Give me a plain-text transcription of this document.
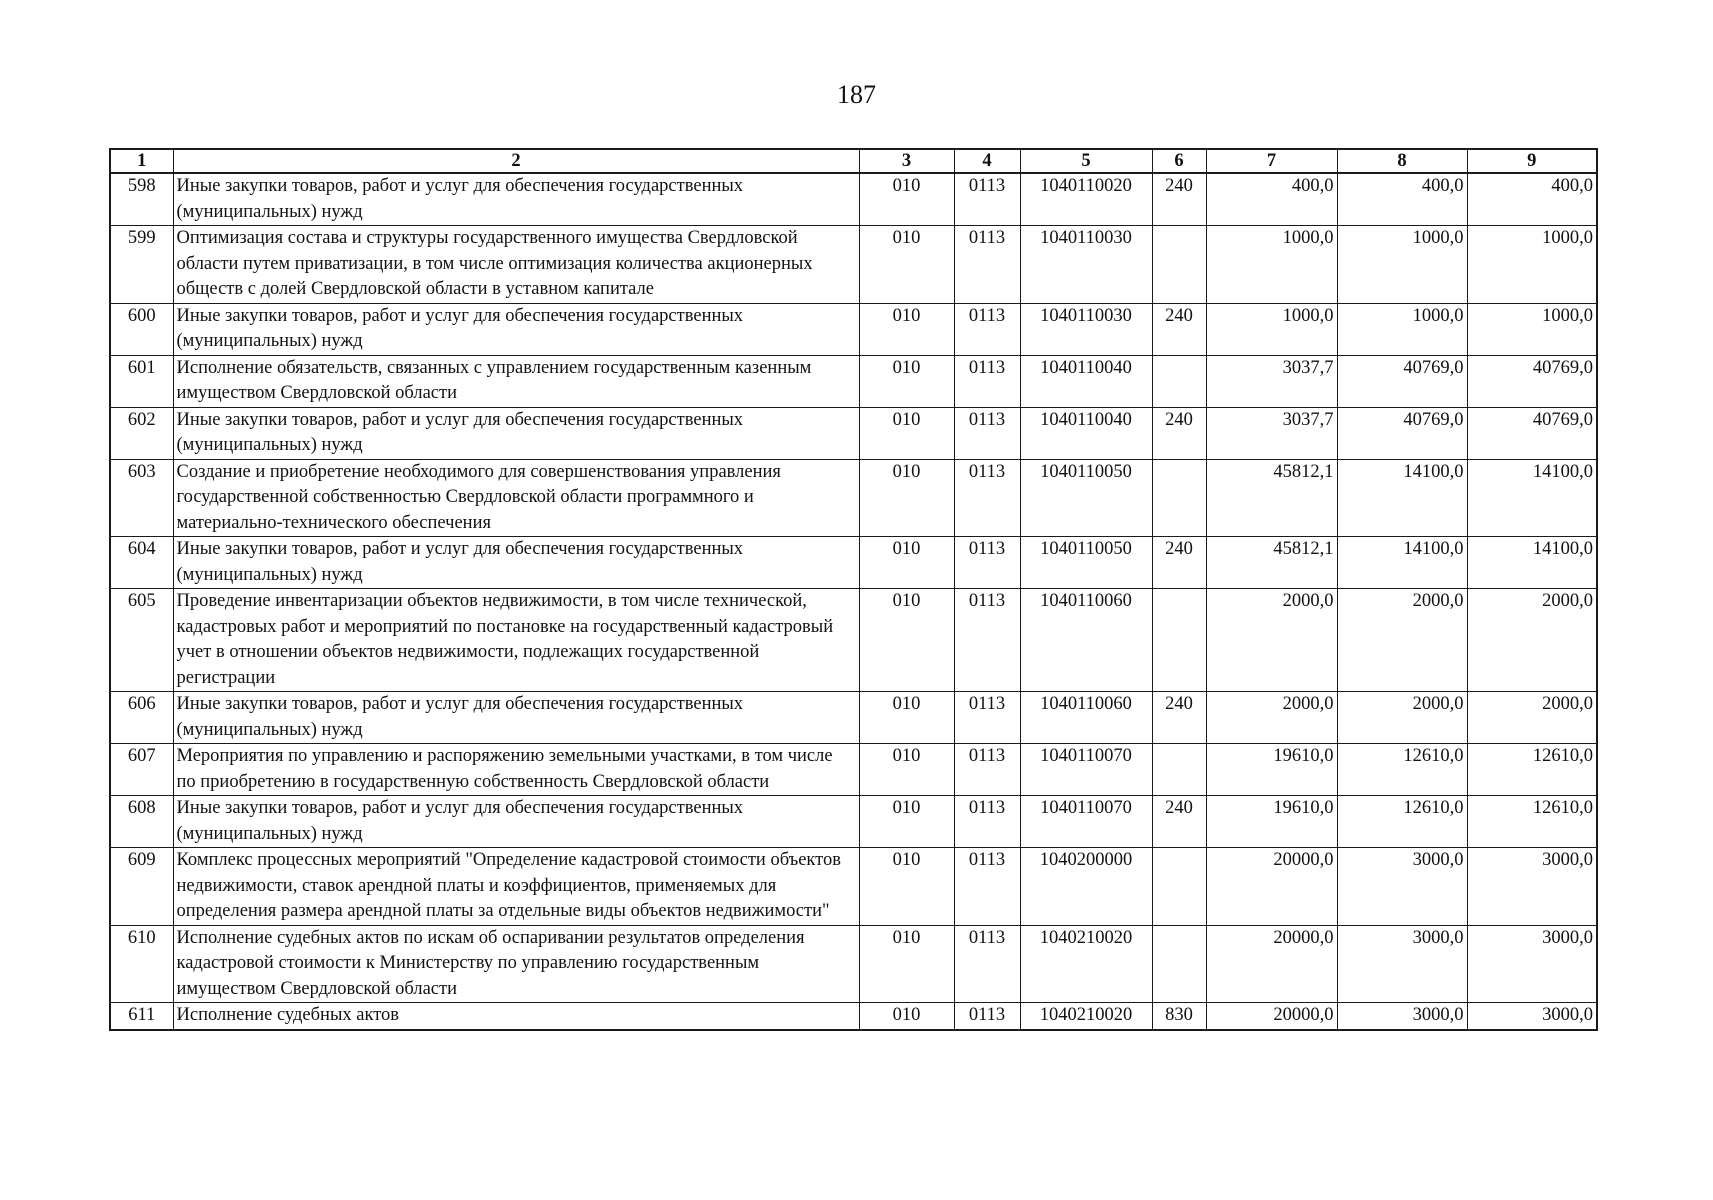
187
1	2	3	4	5	6	7	8	9
598	Иные закупки товаров, работ и услуг для обеспечения государственных (муниципальных) нужд	010	0113	1040110020	240	400,0	400,0	400,0
599	Оптимизация состава и структуры государственного имущества Свердловской области путем приватизации, в том числе оптимизация количества акционерных обществ с долей Свердловской области в уставном капитале	010	0113	1040110030		1000,0	1000,0	1000,0
600	Иные закупки товаров, работ и услуг для обеспечения государственных (муниципальных) нужд	010	0113	1040110030	240	1000,0	1000,0	1000,0
601	Исполнение обязательств, связанных с управлением государственным казенным имуществом Свердловской области	010	0113	1040110040		3037,7	40769,0	40769,0
602	Иные закупки товаров, работ и услуг для обеспечения государственных (муниципальных) нужд	010	0113	1040110040	240	3037,7	40769,0	40769,0
603	Создание и приобретение необходимого для совершенствования управления государственной собственностью Свердловской области программного и материально-технического обеспечения	010	0113	1040110050		45812,1	14100,0	14100,0
604	Иные закупки товаров, работ и услуг для обеспечения государственных (муниципальных) нужд	010	0113	1040110050	240	45812,1	14100,0	14100,0
605	Проведение инвентаризации объектов недвижимости, в том числе технической, кадастровых работ и мероприятий по постановке на государственный кадастровый учет в отношении объектов недвижимости, подлежащих государственной регистрации	010	0113	1040110060		2000,0	2000,0	2000,0
606	Иные закупки товаров, работ и услуг для обеспечения государственных (муниципальных) нужд	010	0113	1040110060	240	2000,0	2000,0	2000,0
607	Мероприятия по управлению и распоряжению земельными участками, в том числе по приобретению в государственную собственность Свердловской области	010	0113	1040110070		19610,0	12610,0	12610,0
608	Иные закупки товаров, работ и услуг для обеспечения государственных (муниципальных) нужд	010	0113	1040110070	240	19610,0	12610,0	12610,0
609	Комплекс процессных мероприятий "Определение кадастровой стоимости объектов недвижимости, ставок арендной платы и коэффициентов, применяемых для определения размера арендной платы за отдельные виды объектов недвижимости"	010	0113	1040200000		20000,0	3000,0	3000,0
610	Исполнение судебных актов по искам об оспаривании результатов определения кадастровой стоимости к Министерству по управлению государственным имуществом Свердловской области	010	0113	1040210020		20000,0	3000,0	3000,0
611	Исполнение судебных актов	010	0113	1040210020	830	20000,0	3000,0	3000,0
